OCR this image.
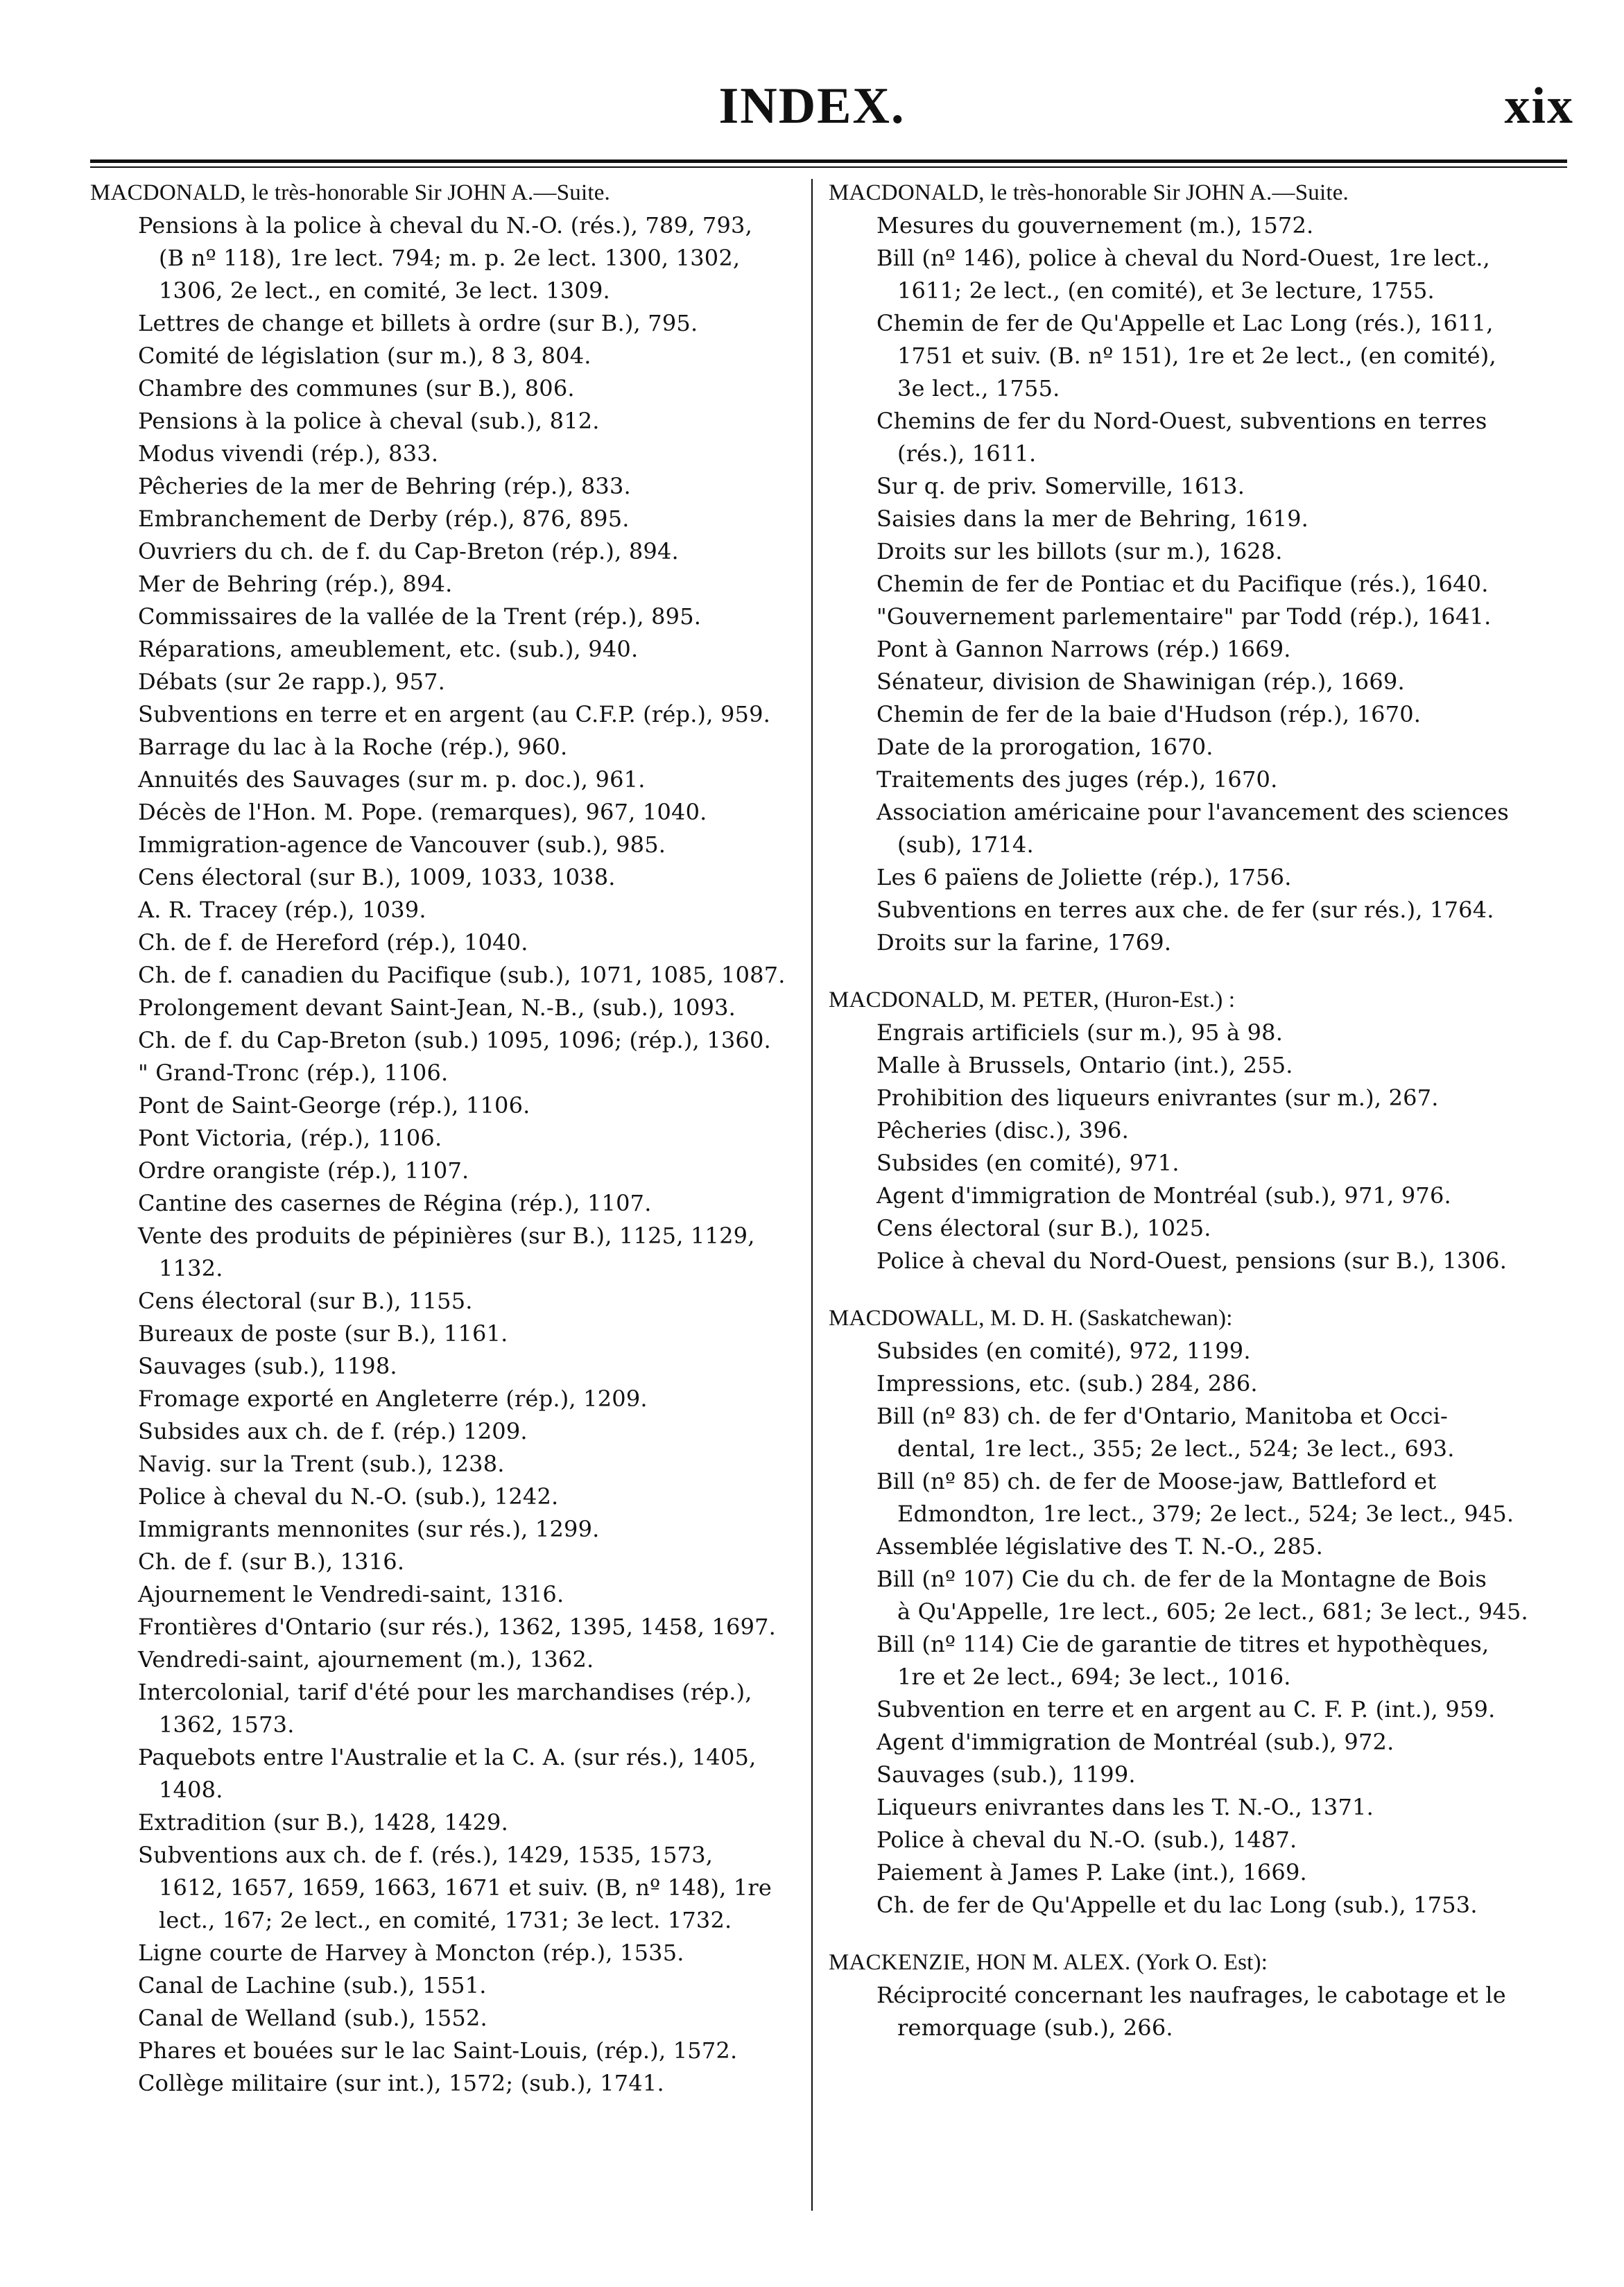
INDEX.	xix
MACDONALD, le très-honorable Sir JOHN A.—Suite.
Pensions à la police à cheval du N.-O. (rés.), 789, 793,
(B nº 118), 1re lect. 794; m. p. 2e lect. 1300, 1302,
1306, 2e lect., en comité, 3e lect. 1309.
Lettres de change et billets à ordre (sur B.), 795.
Comité de législation (sur m.), 8 3, 804.
Chambre des communes (sur B.), 806.
Pensions à la police à cheval (sub.), 812.
Modus vivendi (rép.), 833.
Pêcheries de la mer de Behring (rép.), 833.
Embranchement de Derby (rép.), 876, 895.
Ouvriers du ch. de f. du Cap-Breton (rép.), 894.
Mer de Behring (rép.), 894.
Commissaires de la vallée de la Trent (rép.), 895.
Réparations, ameublement, etc. (sub.), 940.
Débats (sur 2e rapp.), 957.
Subventions en terre et en argent (au C.F.P. (rép.), 959.
Barrage du lac à la Roche (rép.), 960.
Annuités des Sauvages (sur m. p. doc.), 961.
Décès de l'Hon. M. Pope. (remarques), 967, 1040.
Immigration-agence de Vancouver (sub.), 985.
Cens électoral (sur B.), 1009, 1033, 1038.
A. R. Tracey (rép.), 1039.
Ch. de f. de Hereford (rép.), 1040.
Ch. de f. canadien du Pacifique (sub.), 1071, 1085, 1087.
Prolongement devant Saint-Jean, N.-B., (sub.), 1093.
Ch. de f. du Cap-Breton (sub.) 1095, 1096; (rép.), 1360.
" Grand-Tronc (rép.), 1106.
Pont de Saint-George (rép.), 1106.
Pont Victoria, (rép.), 1106.
Ordre orangiste (rép.), 1107.
Cantine des casernes de Régina (rép.), 1107.
Vente des produits de pépinières (sur B.), 1125, 1129,
1132.
Cens électoral (sur B.), 1155.
Bureaux de poste (sur B.), 1161.
Sauvages (sub.), 1198.
Fromage exporté en Angleterre (rép.), 1209.
Subsides aux ch. de f. (rép.) 1209.
Navig. sur la Trent (sub.), 1238.
Police à cheval du N.-O. (sub.), 1242.
Immigrants mennonites (sur rés.), 1299.
Ch. de f. (sur B.), 1316.
Ajournement le Vendredi-saint, 1316.
Frontières d'Ontario (sur rés.), 1362, 1395, 1458, 1697.
Vendredi-saint, ajournement (m.), 1362.
Intercolonial, tarif d'été pour les marchandises (rép.),
1362, 1573.
Paquebots entre l'Australie et la C. A. (sur rés.), 1405,
1408.
Extradition (sur B.), 1428, 1429.
Subventions aux ch. de f. (rés.), 1429, 1535, 1573,
1612, 1657, 1659, 1663, 1671 et suiv. (B, nº 148), 1re
lect., 167; 2e lect., en comité, 1731; 3e lect. 1732.
Ligne courte de Harvey à Moncton (rép.), 1535.
Canal de Lachine (sub.), 1551.
Canal de Welland (sub.), 1552.
Phares et bouées sur le lac Saint-Louis, (rép.), 1572.
Collège militaire (sur int.), 1572; (sub.), 1741.
MACDONALD, le très-honorable Sir JOHN A.—Suite.
Mesures du gouvernement (m.), 1572.
Bill (nº 146), police à cheval du Nord-Ouest, 1re lect.,
1611; 2e lect., (en comité), et 3e lecture, 1755.
Chemin de fer de Qu'Appelle et Lac Long (rés.), 1611,
1751 et suiv. (B. nº 151), 1re et 2e lect., (en comité),
3e lect., 1755.
Chemins de fer du Nord-Ouest, subventions en terres
(rés.), 1611.
Sur q. de priv. Somerville, 1613.
Saisies dans la mer de Behring, 1619.
Droits sur les billots (sur m.), 1628.
Chemin de fer de Pontiac et du Pacifique (rés.), 1640.
"Gouvernement parlementaire" par Todd (rép.), 1641.
Pont à Gannon Narrows (rép.) 1669.
Sénateur, division de Shawinigan (rép.), 1669.
Chemin de fer de la baie d'Hudson (rép.), 1670.
Date de la prorogation, 1670.
Traitements des juges (rép.), 1670.
Association américaine pour l'avancement des sciences
(sub), 1714.
Les 6 païens de Joliette (rép.), 1756.
Subventions en terres aux che. de fer (sur rés.), 1764.
Droits sur la farine, 1769.
MACDONALD, M. PETER, (Huron-Est.) :
Engrais artificiels (sur m.), 95 à 98.
Malle à Brussels, Ontario (int.), 255.
Prohibition des liqueurs enivrantes (sur m.), 267.
Pêcheries (disc.), 396.
Subsides (en comité), 971.
Agent d'immigration de Montréal (sub.), 971, 976.
Cens électoral (sur B.), 1025.
Police à cheval du Nord-Ouest, pensions (sur B.), 1306.
MACDOWALL, M. D. H. (Saskatchewan):
Subsides (en comité), 972, 1199.
Impressions, etc. (sub.) 284, 286.
Bill (nº 83) ch. de fer d'Ontario, Manitoba et Occi-
dental, 1re lect., 355; 2e lect., 524; 3e lect., 693.
Bill (nº 85) ch. de fer de Moose-jaw, Battleford et
Edmondton, 1re lect., 379; 2e lect., 524; 3e lect., 945.
Assemblée législative des T. N.-O., 285.
Bill (nº 107) Cie du ch. de fer de la Montagne de Bois
à Qu'Appelle, 1re lect., 605; 2e lect., 681; 3e lect., 945.
Bill (nº 114) Cie de garantie de titres et hypothèques,
1re et 2e lect., 694; 3e lect., 1016.
Subvention en terre et en argent au C. F. P. (int.), 959.
Agent d'immigration de Montréal (sub.), 972.
Sauvages (sub.), 1199.
Liqueurs enivrantes dans les T. N.-O., 1371.
Police à cheval du N.-O. (sub.), 1487.
Paiement à James P. Lake (int.), 1669.
Ch. de fer de Qu'Appelle et du lac Long (sub.), 1753.
MACKENZIE, HON M. ALEX. (York O. Est):
Réciprocité concernant les naufrages, le cabotage et le
remorquage (sub.), 266.
